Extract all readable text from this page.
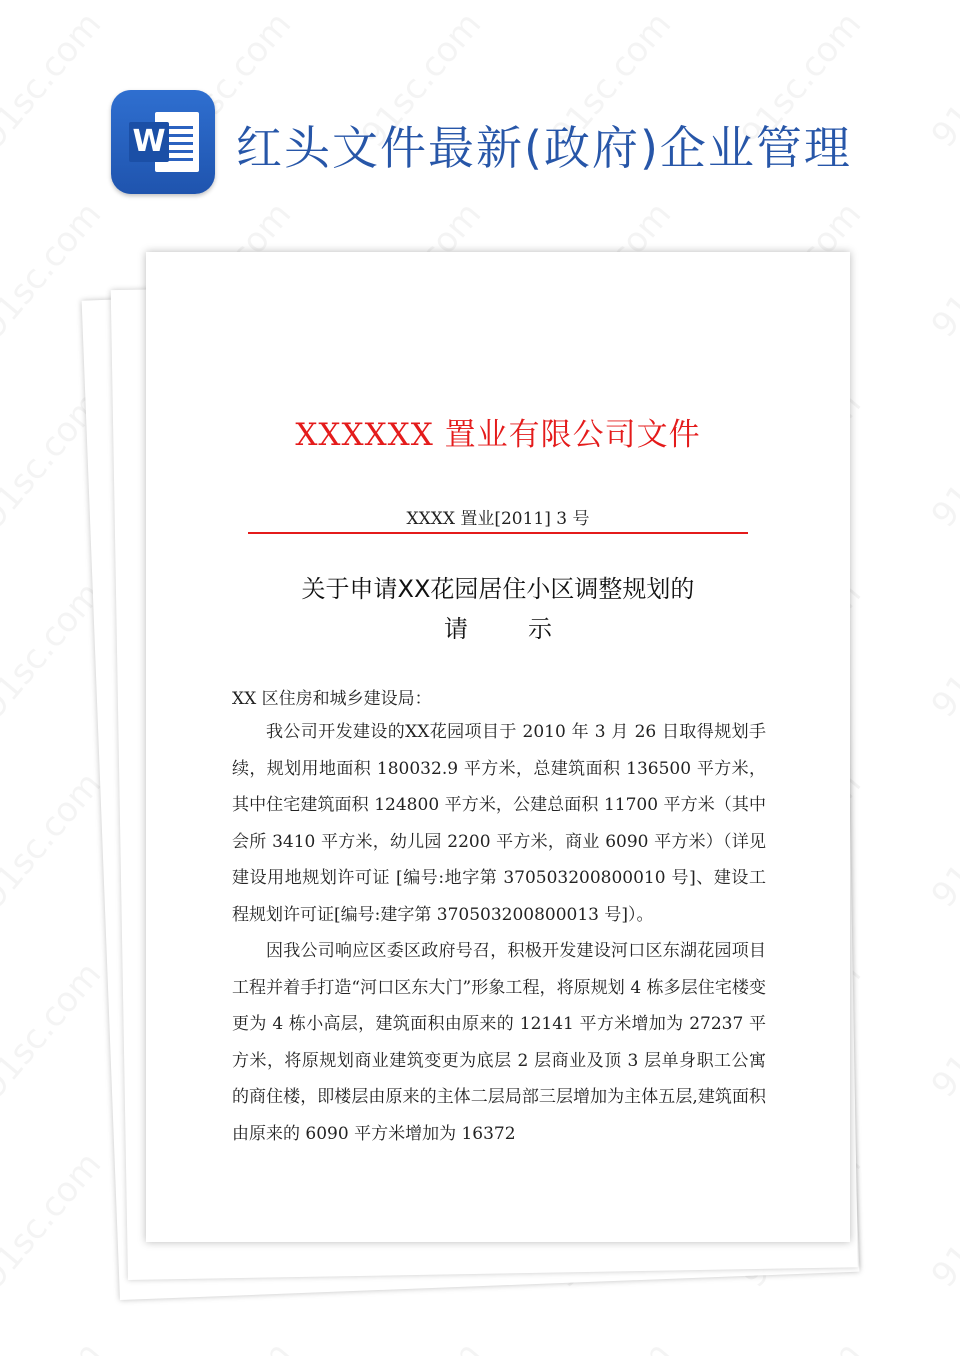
W 红头文件最新(政府)企业管理
XXXXXX 置业有限公司文件
XXXX 置业[2011] 3 号
关于申请XX花园居住小区调整规划的
请示
XX 区住房和城乡建设局：

我公司开发建设的XX花园项目于 2010 年 3 月 26 日取得规划手续，规划用地面积 180032.9 平方米，总建筑面积 136500 平方米，其中住宅建筑面积 124800 平方米，公建总面积 11700 平方米（其中会所 3410 平方米，幼儿园 2200 平方米，商业 6090 平方米）（详见建设用地规划许可证 [编号:地字第 370503200800010 号]、建设工程规划许可证[编号:建字第 370503200800013 号]）。

因我公司响应区委区政府号召，积极开发建设河口区东湖花园项目工程并着手打造“河口区东大门”形象工程，将原规划 4 栋多层住宅楼变更为 4 栋小高层，建筑面积由原来的 12141 平方米增加为 27237 平方米，将原规划商业建筑变更为底层 2 层商业及顶 3 层单身职工公寓的商住楼，即楼层由原来的主体二层局部三层增加为主体五层,建筑面积由原来的 6090 平方米增加为 16372
